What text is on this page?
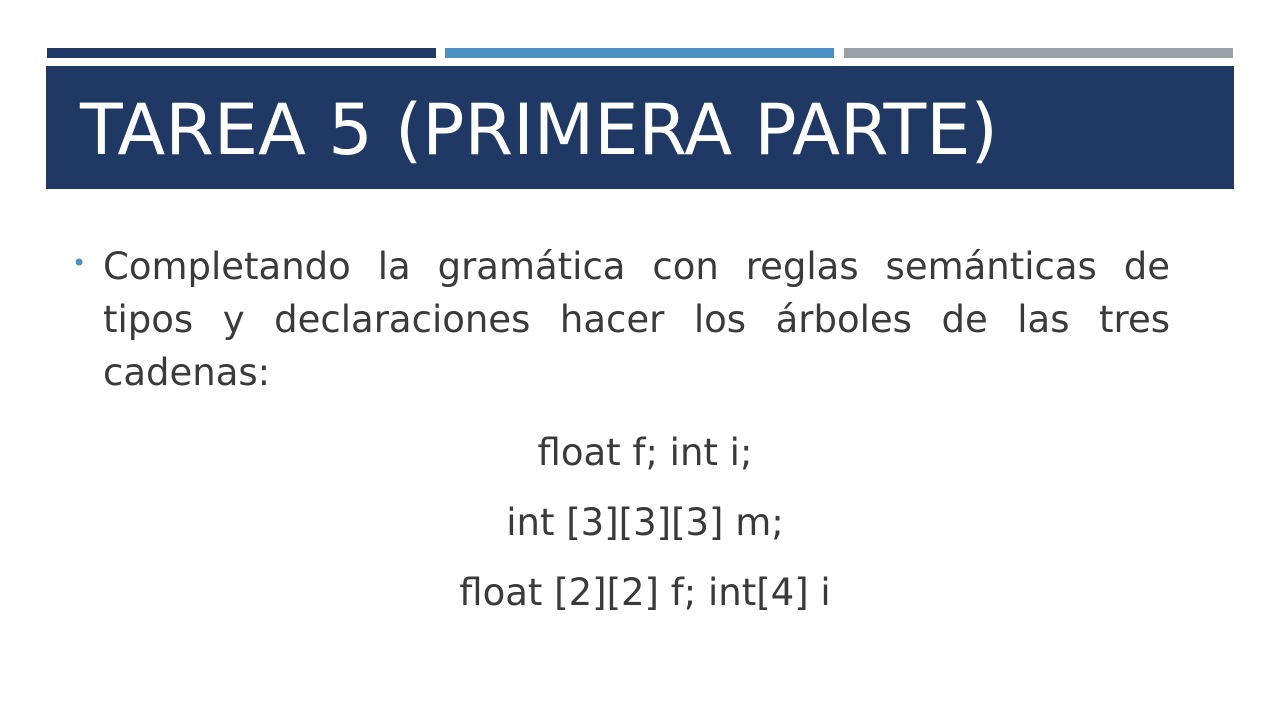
TAREA 5 (PRIMERA PARTE)
• Completando la gramática con reglas semánticas de tipos y declaraciones hacer los árboles de las tres cadenas:
float f; int i;
int [3][3][3] m;
float [2][2] f; int[4] i
